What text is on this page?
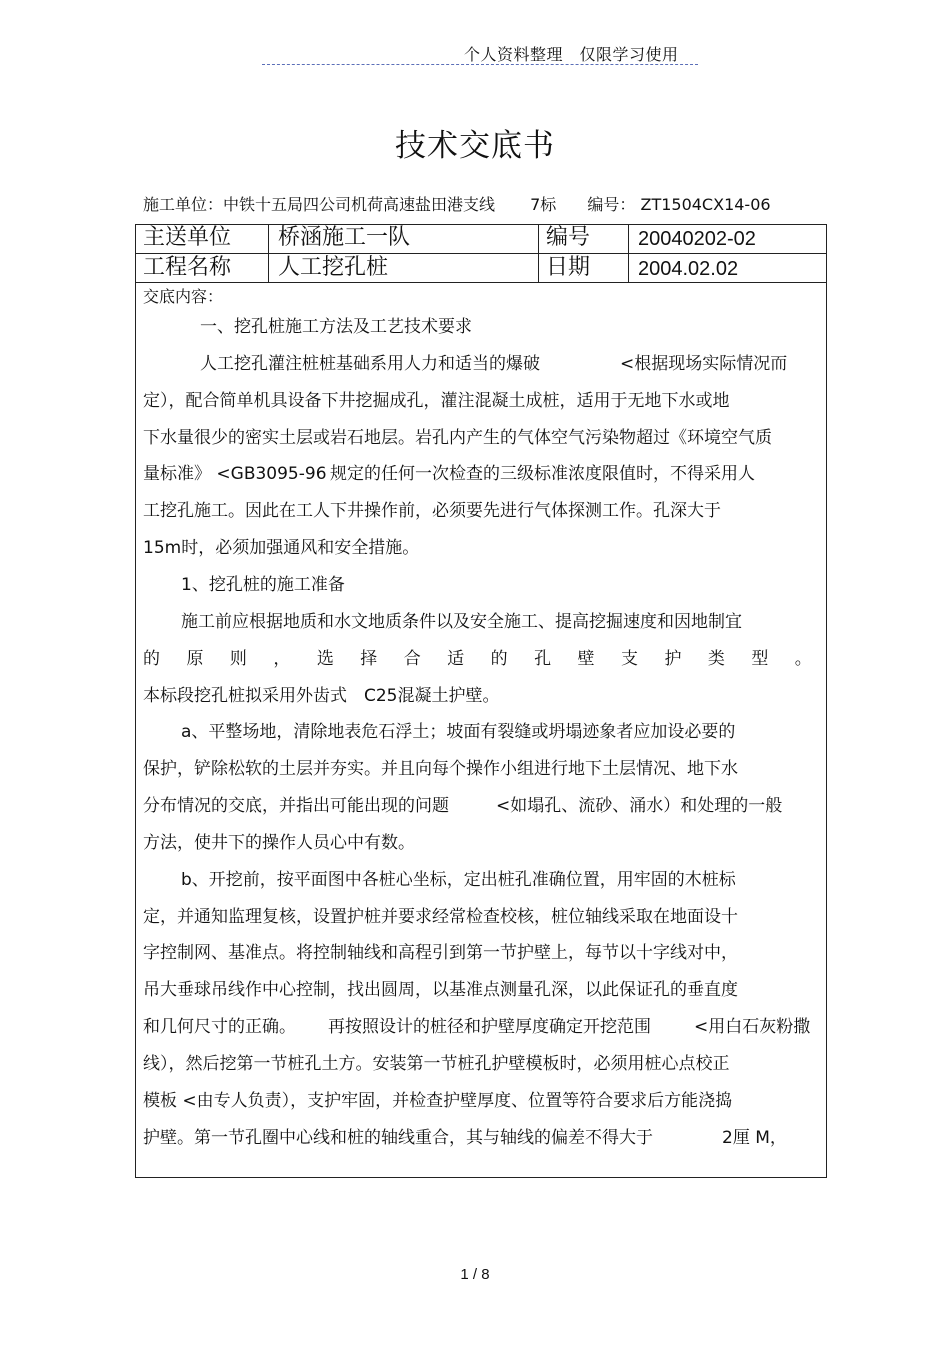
个人资料整理　仅限学习使用
技术交底书
施工单位：中铁十五局四公司机荷高速盐田港支线 7标 编号： ZT1504CX14-06
主送单位 桥涵施工一队	编号 20040202-02
工程名称 人工挖孔桩	日期 2004.02.02
交底内容：
一、挖孔桩施工方法及工艺技术要求
人工挖孔灌注桩桩基础系用人力和适当的爆破	<根据现场实际情况而
定），配合简单机具设备下井挖掘成孔，灌注混凝土成桩，适用于无地下水或地
下水量很少的密实土层或岩石地层。岩孔内产生的气体空气污染物超过《环境空气质
量标准》 <GB3095-96 规定的任何一次检查的三级标准浓度限值时，不得采用人
工挖孔施工。因此在工人下井操作前，必须要先进行气体探测工作。孔深大于
15m时，必须加强通风和安全措施。
1、挖孔桩的施工准备
施工前应根据地质和水文地质条件以及安全施工、提高挖掘速度和因地制宜
的 原 则 ， 选 择 合 适 的 孔 壁 支 护 类 型 。
本标段挖孔桩拟采用外齿式　C25混凝土护壁。
a、平整场地，清除地表危石浮土；坡面有裂缝或坍塌迹象者应加设必要的
保护，铲除松软的土层并夯实。并且向每个操作小组进行地下土层情况、地下水
分布情况的交底，并指出可能出现的问题	<如塌孔、流砂、涌水）和处理的一般
方法，使井下的操作人员心中有数。
b、开挖前，按平面图中各桩心坐标，定出桩孔准确位置，用牢固的木桩标
定，并通知监理复核，设置护桩并要求经常检查校核，桩位轴线采取在地面设十
字控制网、基准点。将控制轴线和高程引到第一节护壁上，每节以十字线对中，
吊大垂球吊线作中心控制，找出圆周，以基准点测量孔深，以此保证孔的垂直度
和几何尺寸的正确。 再按照设计的桩径和护壁厚度确定开挖范围	<用白石灰粉撒
线），然后挖第一节桩孔土方。安装第一节桩孔护壁模板时，必须用桩心点校正
模板 <由专人负责），支护牢固，并检查护壁厚度、位置等符合要求后方能浇捣
护壁。第一节孔圈中心线和桩的轴线重合，其与轴线的偏差不得大于	2厘 M，
1 / 8
